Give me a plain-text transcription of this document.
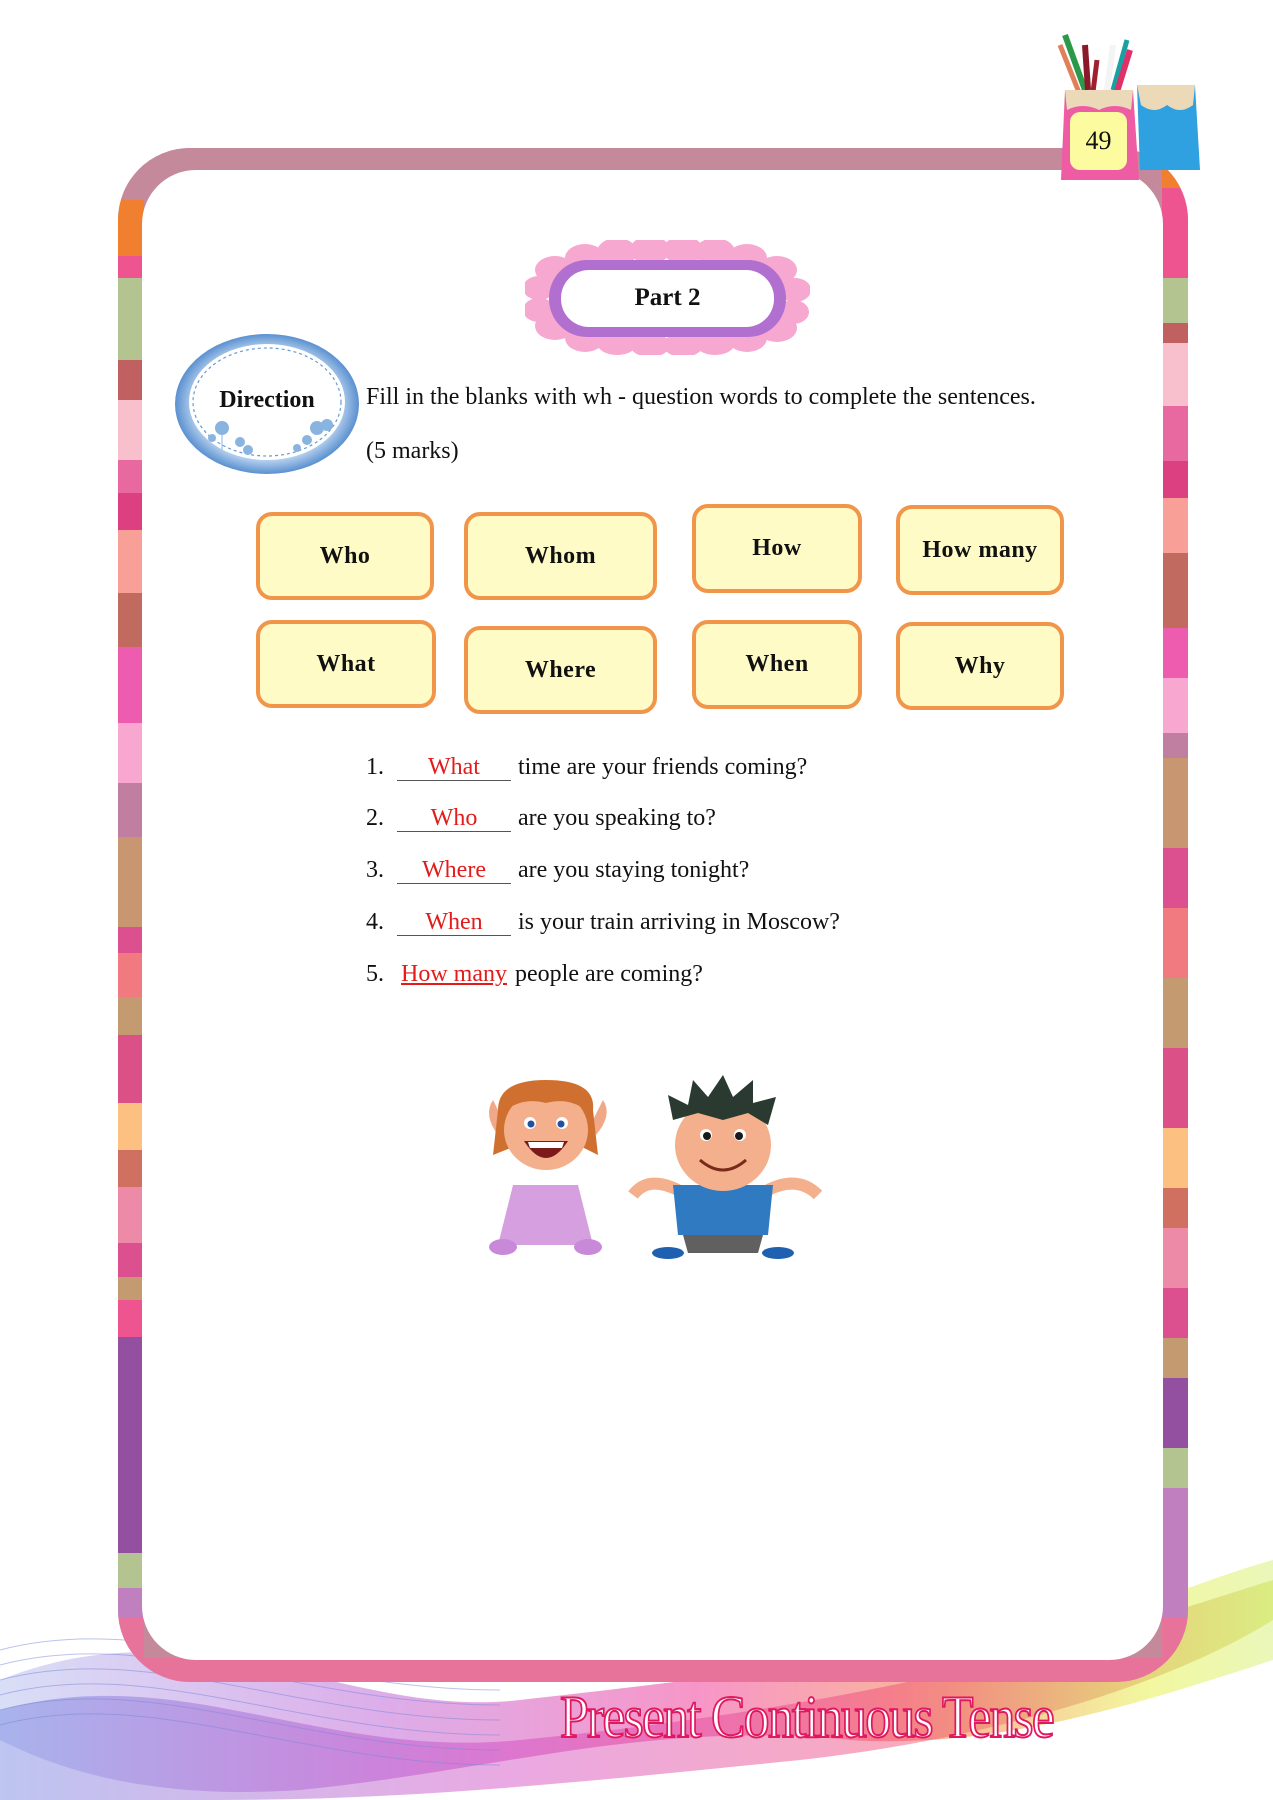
49
Part 2
Direction	Fill in the blanks with wh - question words to complete the sentences.
(5 marks)
Who	Whom	How	How many
What	Where	When	Why
1. What time are your friends coming?
2. Who are you speaking to?
3. Where are you staying tonight?
4. When is your train arriving in Moscow?
5. How many people are coming?
Present Continuous Tense
